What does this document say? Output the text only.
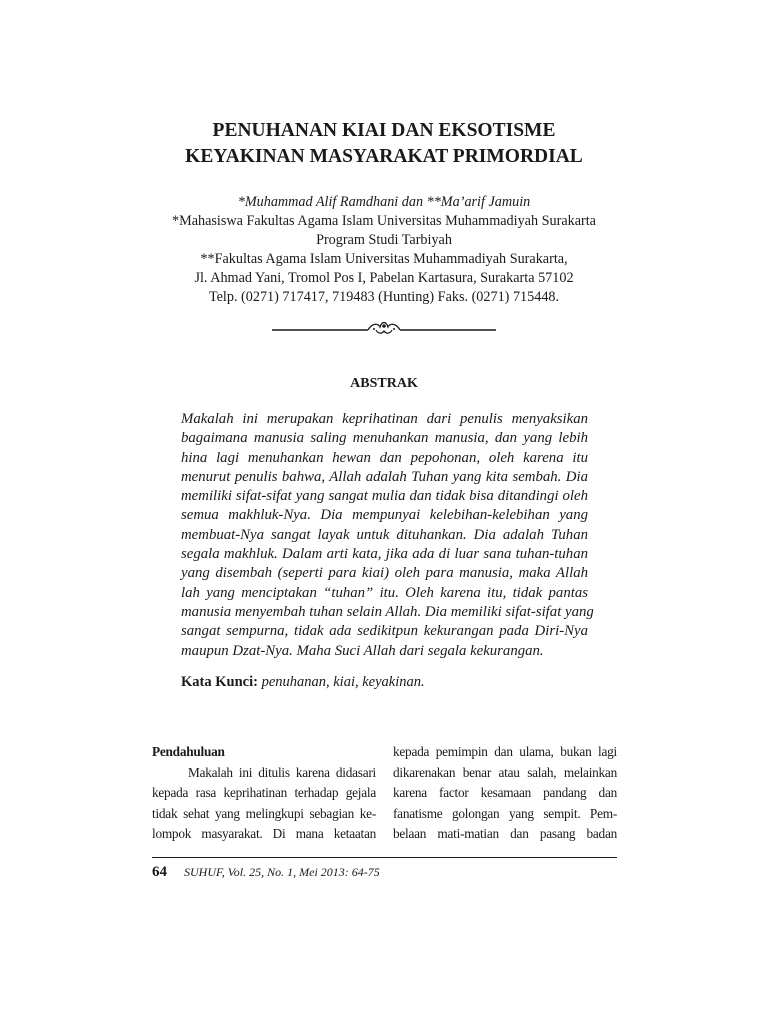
PENUHANAN KIAI DAN EKSOTISME
KEYAKINAN MASYARAKAT PRIMORDIAL
*Muhammad Alif Ramdhani dan **Ma’arif Jamuin
*Mahasiswa Fakultas Agama Islam Universitas Muhammadiyah Surakarta
Program Studi Tarbiyah
**Fakultas Agama Islam Universitas Muhammadiyah Surakarta,
Jl. Ahmad Yani, Tromol Pos I, Pabelan Kartasura, Surakarta 57102
Telp. (0271) 717417, 719483 (Hunting) Faks. (0271) 715448.
ABSTRAK
Makalah ini merupakan keprihatinan dari penulis menyaksikan
bagaimana manusia saling menuhankan manusia, dan yang lebih
hina lagi menuhankan hewan dan pepohonan, oleh karena itu
menurut penulis bahwa, Allah adalah Tuhan yang kita sembah. Dia
memiliki sifat-sifat yang sangat mulia dan tidak bisa ditandingi oleh
semua makhluk-Nya. Dia mempunyai kelebihan-kelebihan yang
membuat-Nya sangat layak untuk dituhankan. Dia adalah Tuhan
segala makhluk. Dalam arti kata, jika ada di luar sana tuhan-tuhan
yang disembah (seperti para kiai) oleh para manusia, maka Allah
lah yang menciptakan “tuhan” itu. Oleh karena itu, tidak pantas
manusia menyembah tuhan selain Allah. Dia memiliki sifat-sifat yang
sangat sempurna, tidak ada sedikitpun kekurangan pada Diri-Nya
maupun Dzat-Nya. Maha Suci Allah dari segala kekurangan.
Kata Kunci: penuhanan, kiai, keyakinan.
Pendahuluan
Makalah ini ditulis karena didasari
kepada rasa keprihatinan terhadap gejala
tidak sehat yang melingkupi sebagian ke-
lompok masyarakat. Di mana ketaatan
kepada pemimpin dan ulama, bukan lagi
dikarenakan benar atau salah, melainkan
karena factor kesamaan pandang dan
fanatisme golongan yang sempit. Pem-
belaan mati-matian dan pasang badan
64 SUHUF, Vol. 25, No. 1, Mei 2013: 64-75
